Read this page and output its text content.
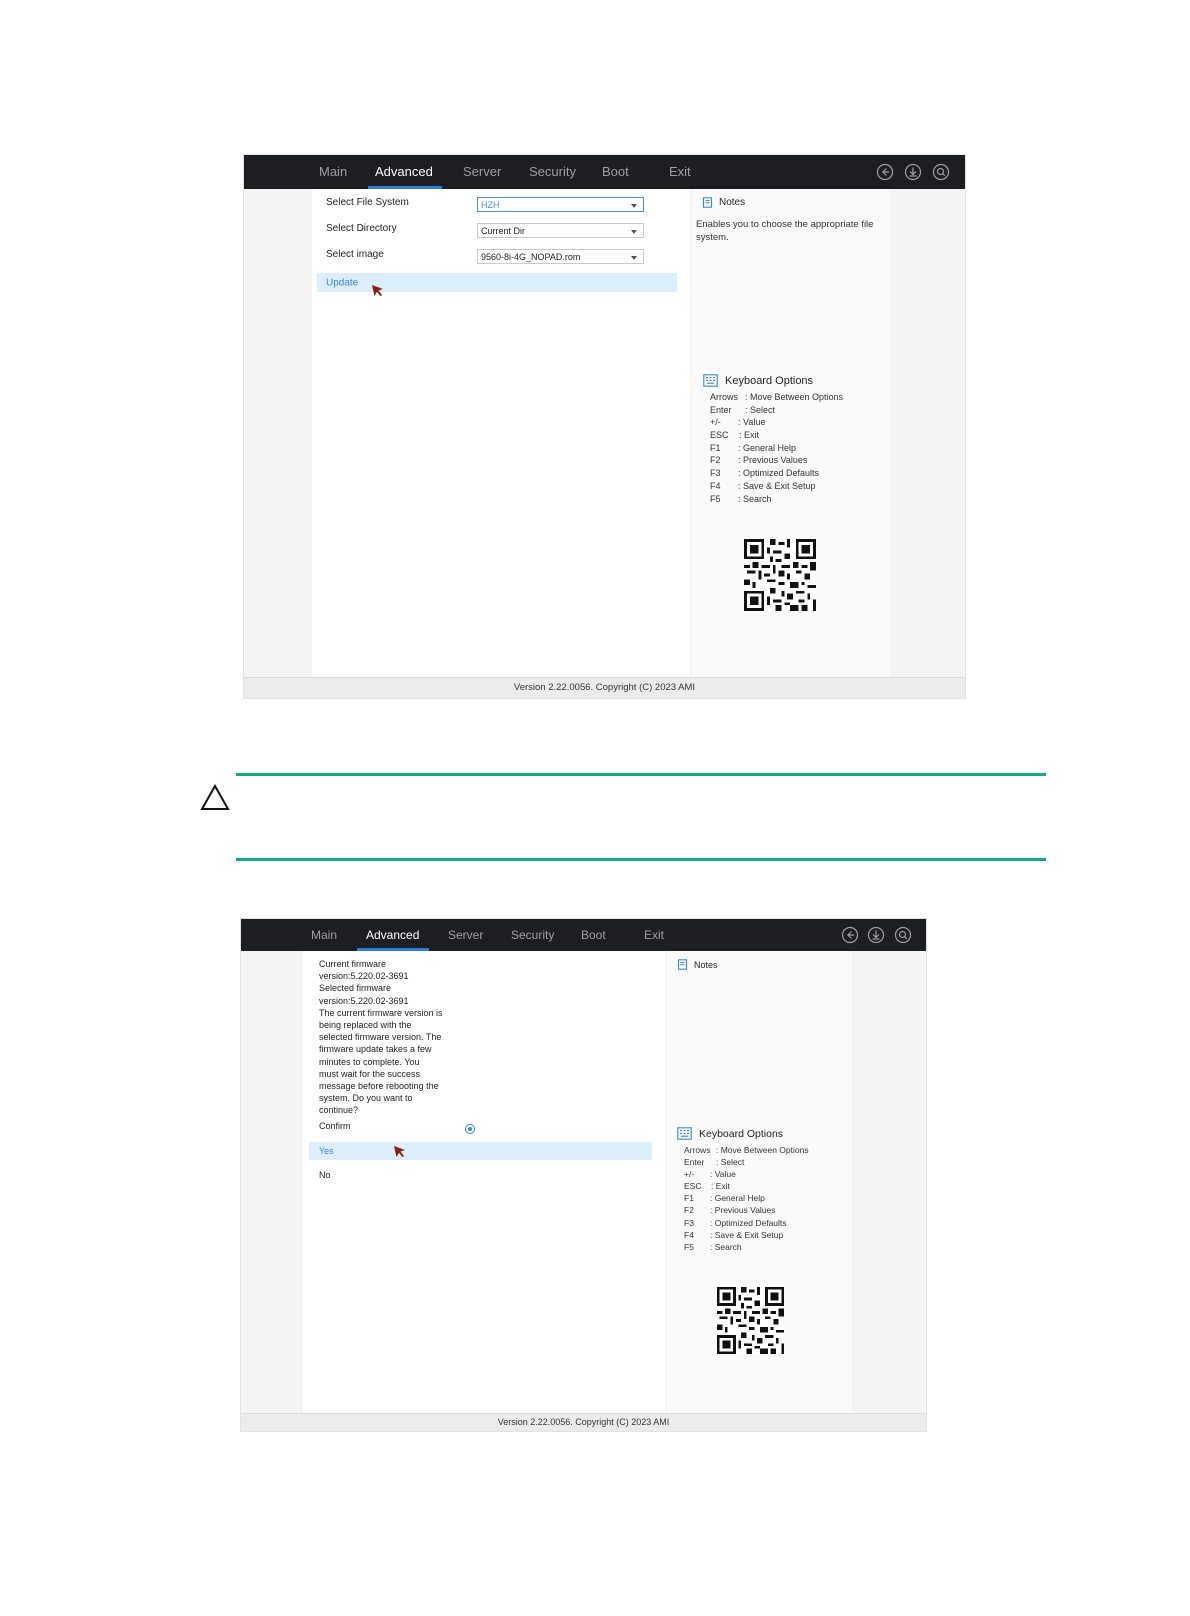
Main Advanced Server Security Boot	Exit
Select File System	HZH
Select Directory	Current Dir
Select image	9560-8i-4G_NOPAD.rom
Update
Notes
Enables you to choose the appropriate file system.
Keyboard Options
Arrows : Move Between Options
Enter : Select
+/- : Value
ESC : Exit
F1 : General Help
F2 : Previous Values
F3 : Optimized Defaults
F4 : Save & Exit Setup
F5 : Search
Version 2.22.0056. Copyright (C) 2023 AMI
Main Advanced Server Security Boot	Exit
Current firmware
version:5.220.02-3691
Selected firmware
version:5.220.02-3691
The current firmware version is
being replaced with the
selected firmware version. The
firmware update takes a few
minutes to complete. You
must wait for the success
message before rebooting the
system. Do you want to
continue?
Confirm
Yes
No
Notes
Keyboard Options
Arrows : Move Between Options
Enter : Select
+/- : Value
ESC : Exit
F1 : General Help
F2 : Previous Values
F3 : Optimized Defaults
F4 : Save & Exit Setup
F5 : Search
Version 2.22.0056. Copyright (C) 2023 AMI
